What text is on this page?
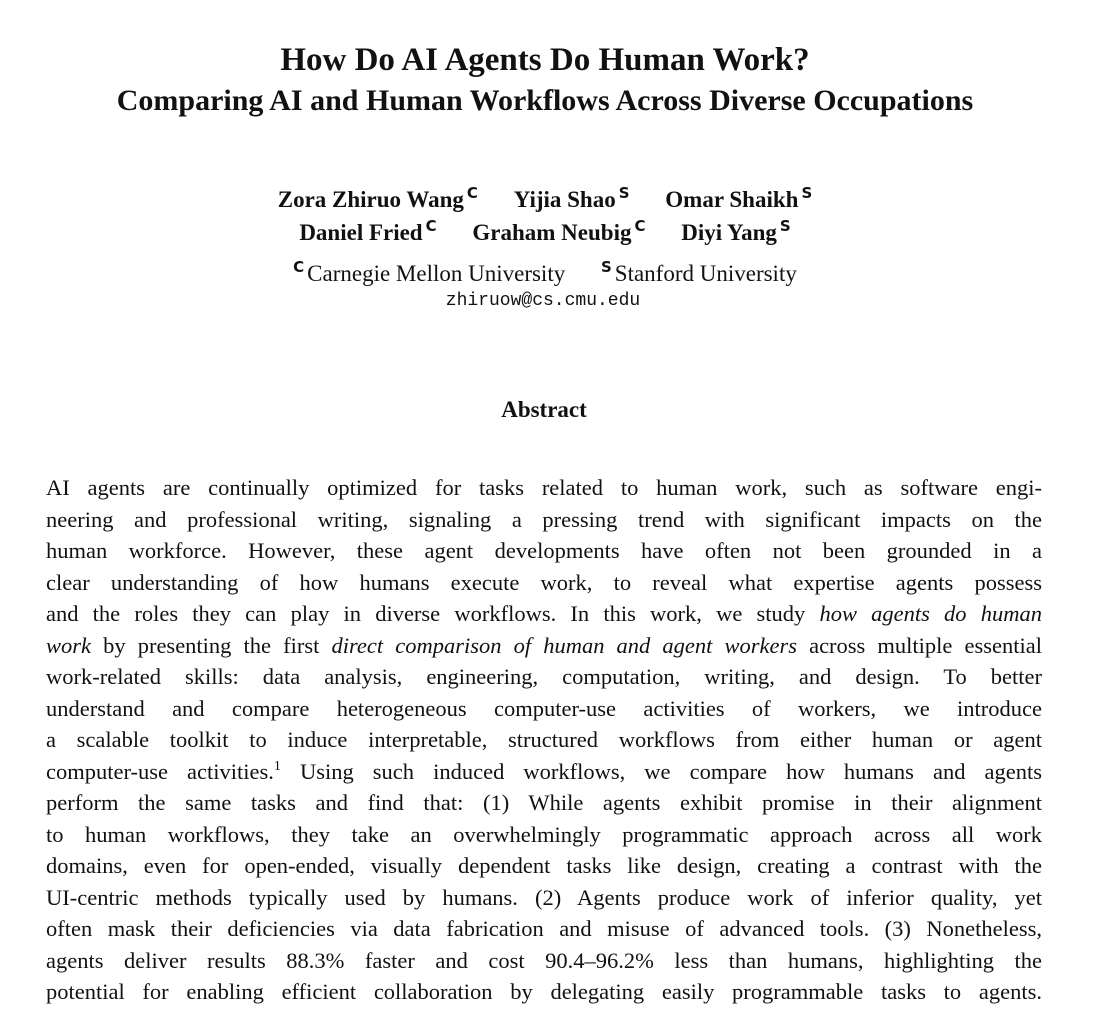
How Do AI Agents Do Human Work?
Comparing AI and Human Workflows Across Diverse Occupations
Zora Zhiruo Wang $^C$ Yijia Shao $^S$ Omar Shaikh $^S$
Daniel Fried $^C$ Graham Neubig $^C$ Diyi Yang $^S$
$^C$ Carnegie Mellon University $^S$ Stanford University
zhiruow@cs.cmu.edu
Abstract
AI agents are continually optimized for tasks related to human work, such as software engi-
neering and professional writing, signaling a pressing trend with significant impacts on the
human workforce. However, these agent developments have often not been grounded in a
clear understanding of how humans execute work, to reveal what expertise agents possess
and the roles they can play in diverse workflows. In this work, we study how agents do human
work by presenting the first direct comparison of human and agent workers across multiple essential
work-related skills: data analysis, engineering, computation, writing, and design. To better
understand and compare heterogeneous computer-use activities of workers, we introduce
a scalable toolkit to induce interpretable, structured workflows from either human or agent
computer-use activities.$^1$ Using such induced workflows, we compare how humans and agents
perform the same tasks and find that: (1) While agents exhibit promise in their alignment
to human workflows, they take an overwhelmingly programmatic approach across all work
domains, even for open-ended, visually dependent tasks like design, creating a contrast with the
UI-centric methods typically used by humans. (2) Agents produce work of inferior quality, yet
often mask their deficiencies via data fabrication and misuse of advanced tools. (3) Nonetheless,
agents deliver results 88.3% faster and cost 90.4–96.2% less than humans, highlighting the
potential for enabling efficient collaboration by delegating easily programmable tasks to agents.
